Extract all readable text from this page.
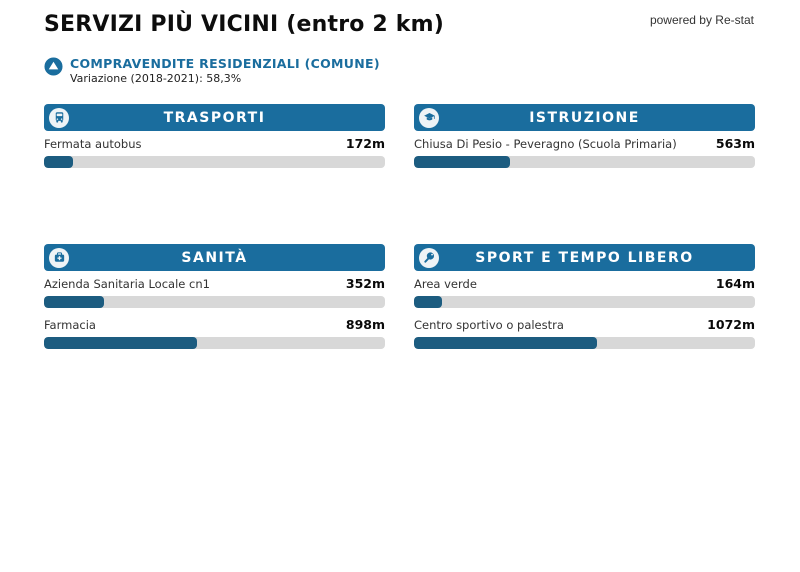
SERVIZI PIÙ VICINI (entro 2 km)	powered by Re-stat
COMPRAVENDITE RESIDENZIALI (COMUNE)
Variazione (2018-2021): 58,3%
TRASPORTI
Fermata autobus	172m
ISTRUZIONE
Chiusa Di Pesio - Peveragno (Scuola Primaria)	563m
SANITÀ
Azienda Sanitaria Locale cn1	352m
Farmacia	898m
SPORT E TEMPO LIBERO
Area verde	164m
Centro sportivo o palestra	1072m
